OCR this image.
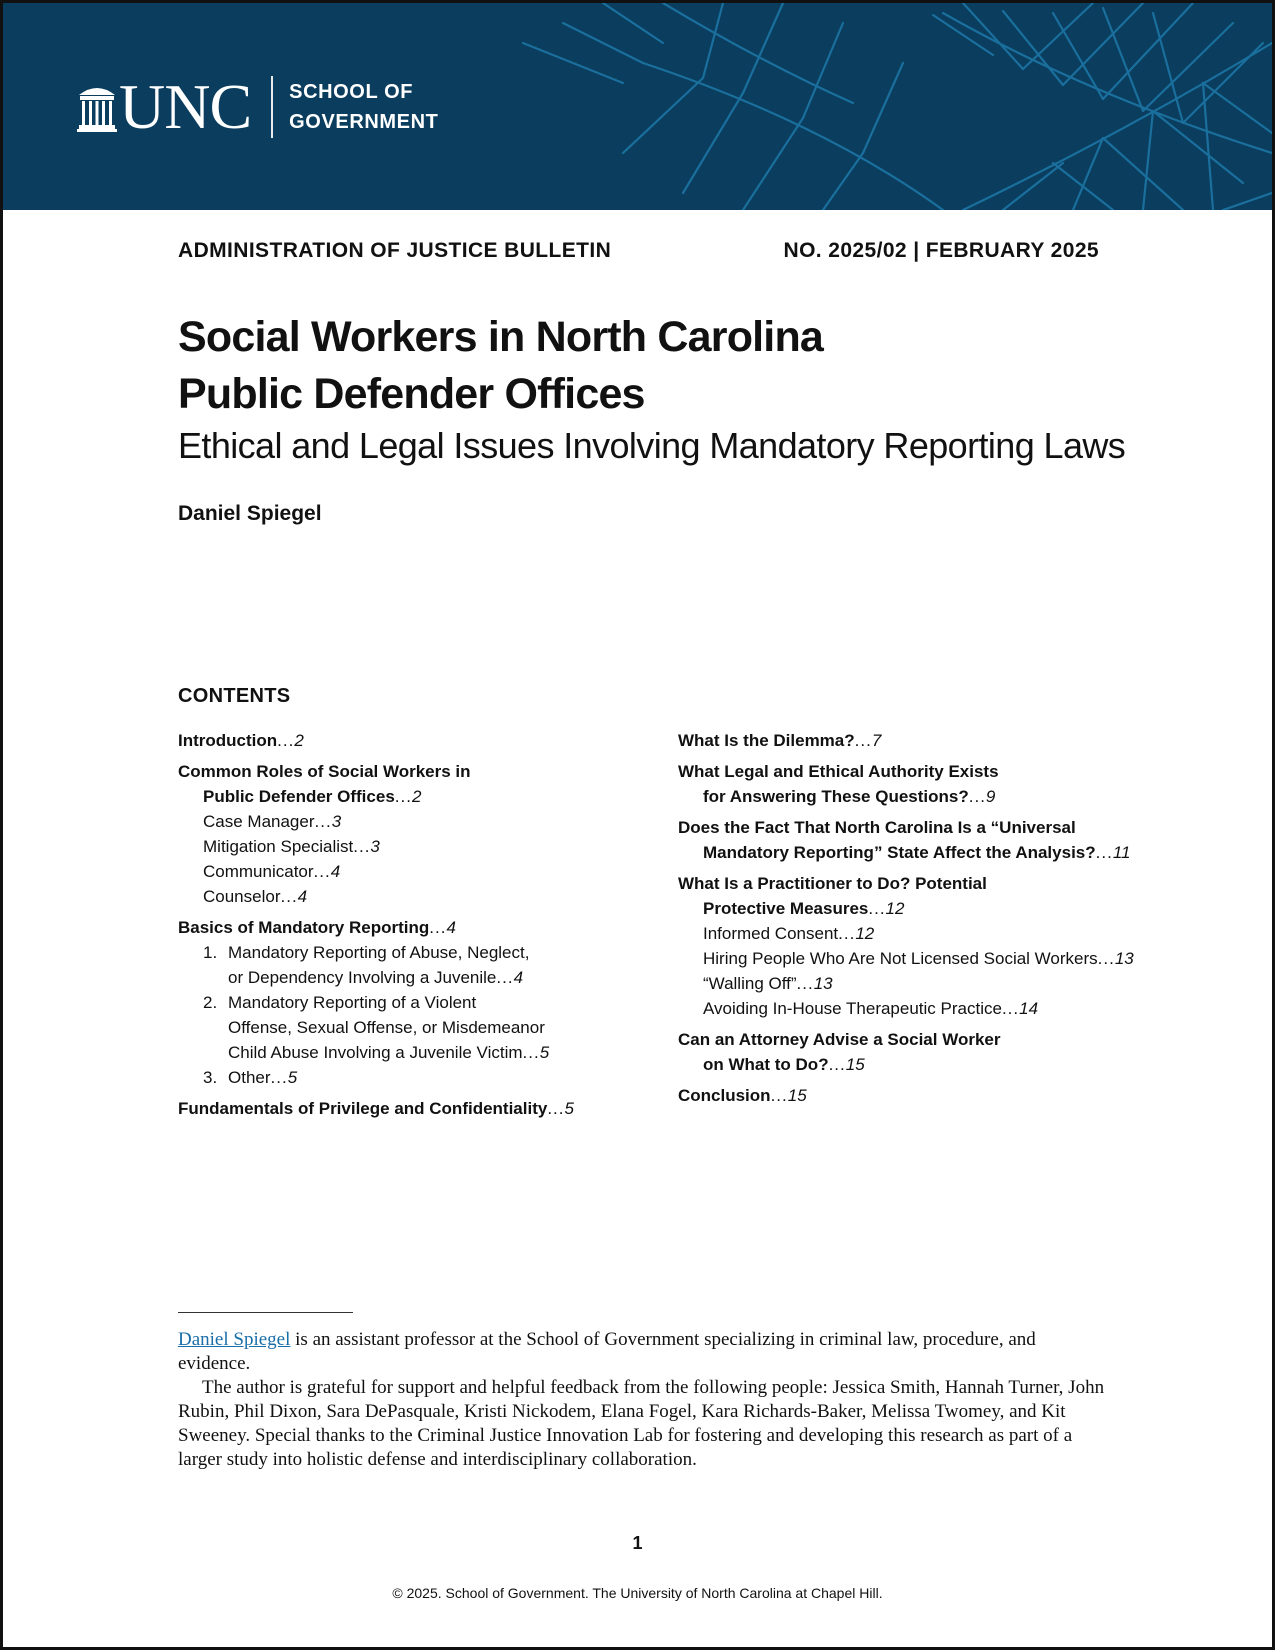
UNC SCHOOL OF
GOVERNMENT
ADMINISTRATION OF JUSTICE BULLETIN	NO. 2025/02 | FEBRUARY 2025
Social Workers in North Carolina
Public Defender Offices
Ethical and Legal Issues Involving Mandatory Reporting Laws
Daniel Spiegel
CONTENTS
Introduction...2
Common Roles of Social Workers in
Public Defender Offices...2
Case Manager...3
Mitigation Specialist...3
Communicator...4
Counselor...4
Basics of Mandatory Reporting...4
1. Mandatory Reporting of Abuse, Neglect,
or Dependency Involving a Juvenile...4
2. Mandatory Reporting of a Violent
Offense, Sexual Offense, or Misdemeanor
Child Abuse Involving a Juvenile Victim...5
3. Other...5
Fundamentals of Privilege and Confidentiality...5
What Is the Dilemma?...7
What Legal and Ethical Authority Exists
for Answering These Questions?...9
Does the Fact That North Carolina Is a “Universal
Mandatory Reporting” State Affect the Analysis?...11
What Is a Practitioner to Do? Potential
Protective Measures...12
Informed Consent...12
Hiring People Who Are Not Licensed Social Workers...13
“Walling Off”...13
Avoiding In-House Therapeutic Practice...14
Can an Attorney Advise a Social Worker
on What to Do?...15
Conclusion...15

Daniel Spiegel is an assistant professor at the School of Government specializing in criminal law, procedure, and evidence.

The author is grateful for support and helpful feedback from the following people: Jessica Smith, Hannah Turner, John Rubin, Phil Dixon, Sara DePasquale, Kristi Nickodem, Elana Fogel, Kara Richards-Baker, Melissa Twomey, and Kit Sweeney. Special thanks to the Criminal Justice Innovation Lab for fostering and developing this research as part of a larger study into holistic defense and interdisciplinary collaboration.

1
© 2025. School of Government. The University of North Carolina at Chapel Hill.
